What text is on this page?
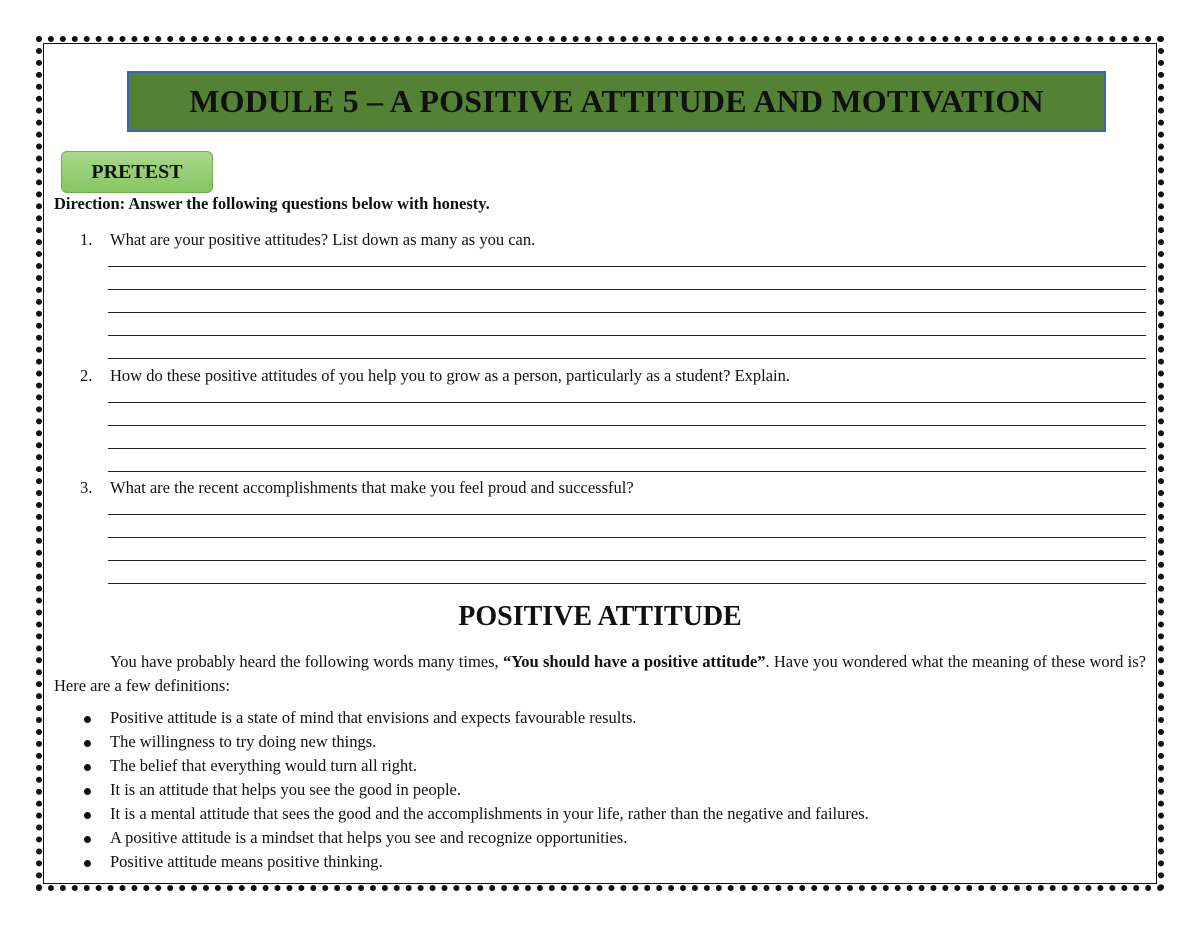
MODULE 5 – A POSITIVE ATTITUDE AND MOTIVATION
PRETEST
Direction: Answer the following questions below with honesty.
1. What are your positive attitudes? List down as many as you can.
2. How do these positive attitudes of you help you to grow as a person, particularly as a student? Explain.
3. What are the recent accomplishments that make you feel proud and successful?
POSITIVE ATTITUDE

You have probably heard the following words many times, “You should have a positive attitude”. Have you wondered what the meaning of these word is? Here are a few definitions:

Positive attitude is a state of mind that envisions and expects favourable results.
The willingness to try doing new things.
The belief that everything would turn all right.
It is an attitude that helps you see the good in people.
It is a mental attitude that sees the good and the accomplishments in your life, rather than the negative and failures.
A positive attitude is a mindset that helps you see and recognize opportunities.
Positive attitude means positive thinking.
